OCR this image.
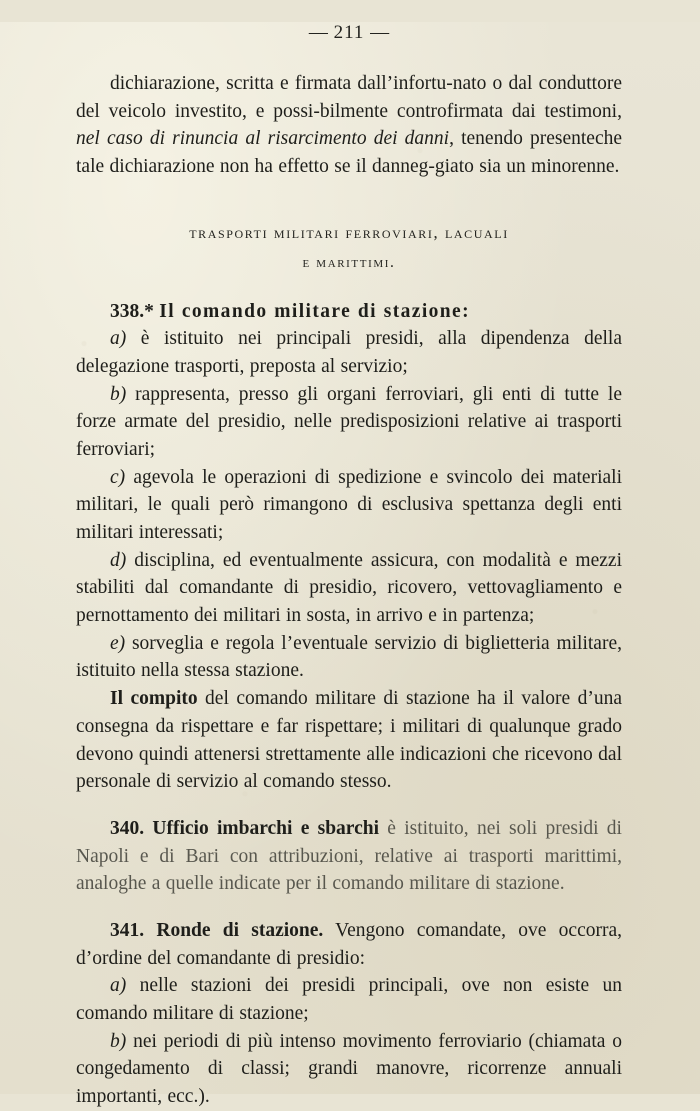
— 211 —

dichiarazione, scritta e firmata dall’infortu-nato o dal conduttore del veicolo investito, e possi-bilmente controfirmata dai testimoni, nel caso di rinuncia al risarcimento dei danni, tenendo presenteche tale dichiarazione non ha effetto se il danneg-giato sia un minorenne.

trasporti militari ferroviari, lacuali
e marittimi.

338.* Il comando militare di stazione:

a) è istituito nei principali presidi, alla dipendenza della delegazione trasporti, preposta al servizio;

b) rappresenta, presso gli organi ferroviari, gli enti di tutte le forze armate del presidio, nelle predisposizioni relative ai trasporti ferroviari;

c) agevola le operazioni di spedizione e svincolo dei materiali militari, le quali però rimangono di esclusiva spettanza degli enti militari interessati;

d) disciplina, ed eventualmente assicura, con modalità e mezzi stabiliti dal comandante di presidio, ricovero, vettovagliamento e pernottamento dei militari in sosta, in arrivo e in partenza;

e) sorveglia e regola l’eventuale servizio di biglietteria militare, istituito nella stessa stazione.

Il compito del comando militare di stazione ha il valore d’una consegna da rispettare e far rispettare; i militari di qualunque grado devono quindi attenersi strettamente alle indicazioni che ricevono dal personale di servizio al comando stesso.

340. Ufficio imbarchi e sbarchi è istituito, nei soli presidi di Napoli e di Bari con attribuzioni, relative ai trasporti marittimi, analoghe a quelle indicate per il comando militare di stazione.

341. Ronde di stazione. Vengono comandate, ove occorra, d’ordine del comandante di presidio:

a) nelle stazioni dei presidi principali, ove non esiste un comando militare di stazione;

b) nei periodi di più intenso movimento ferroviario (chiamata o congedamento di classi; grandi manovre, ricorrenze annuali importanti, ecc.).
